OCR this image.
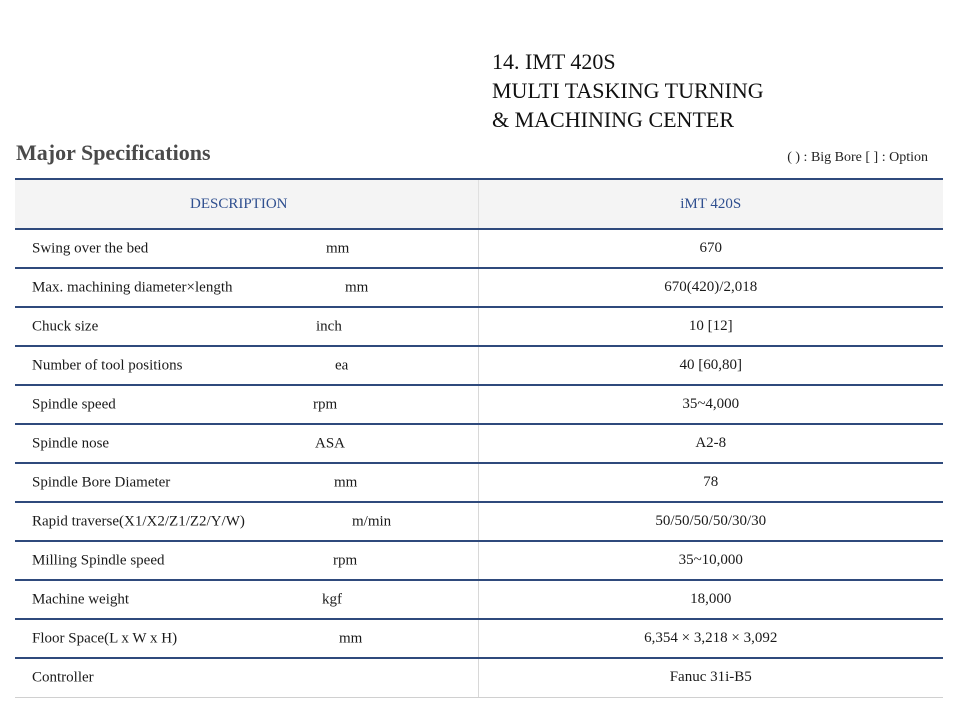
14. IMT 420S
MULTI TASKING TURNING
& MACHINING CENTER
Major Specifications	( ) : Big Bore [ ] : Option
DESCRIPTION	iMT 420S

Swing over the bed mm	670

Max. machining diameter×length mm	670(420)/2,018

Chuck size inch	10 [12]

Number of tool positions ea	40 [60,80]

Spindle speed rpm	35~4,000

Spindle nose ASA	A2-8

Spindle Bore Diameter mm	78

Rapid traverse(X1/X2/Z1/Z2/Y/W) m/min	50/50/50/50/30/30

Milling Spindle speed rpm	35~10,000

Machine weight kgf	18,000

Floor Space(L x W x H) mm	6,354 × 3,218 × 3,092

Controller	Fanuc 31i-B5
